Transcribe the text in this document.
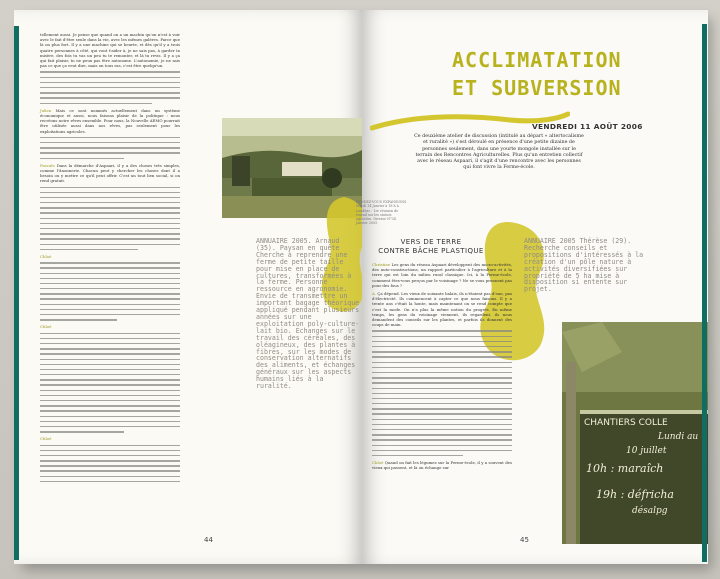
tellement aussi. Je pense que quand on a un machin qu'on n'est à voir avec le fait d'être seule dans la vie, avec les mêmes galères. Parce que là on plus fort. Il y a une machine qui se heurte, et dès qu'il y a trois quatre personnes à côté, qui vont t'aider à, je ne sais pas, à garder ta misère, des fois tu vas un peu tu te remonter, et là tu revis. Il y a ça qui fait plaisir, tu ne peux pas être autonome. L'autonomie, je ne sais pas ce que ça veut dire, mais on tous ras, c'est être quelqu'un.

Julien Mais ce sont nommés actuellement dans un système économique et aussi, nous faisons plaisir de la politique : nous recréons notre rêves ensemble. Pour nous, la Nouvelle AEMO pourrait être utilisée aussi dans nos rêves, pas seulement pour les exploitations agricoles.

Pascale Dans la démarche d'Aspaari, il y a des choses très simples, comme l'ânonnerie. Chacun peut y chercher les choses dont il a besoin ou y mettre ce qu'il peut offrir. C'est un tout lien social, si on rend gratuit.

Chloé

Chloé

Chloé

ANNUAIRE 2005. Arnaud (35). Paysan en quête Cherche à reprendre une ferme de petite taille pour mise en place de cultures, transformées à la ferme. Personne ressource en agronomie. Envie de transmettre un important bagage théorique appliqué pendant plusieurs années sur une exploitation poly-culture-lait bio. Échanges sur le travail des céréales, des oléagineux, des plantes à fibres, sur les modes de conservation alternatifs des aliments, et échanges généraux sur les aspects humains liés à la ruralité.
44
ACCLIMATATION
ET SUBVERSION
VENDREDI 11 AOÛT 2006
Ce deuxième atelier de discussion (intitulé au départ « altertocalisme et ruralité ») s'est déroulé en présence d'une petite dizaine de personnes seulement, dans une yourte mongole installée sur le terrain des Rencontres Agriculturelles. Plus qu'un entretien collectif avec le réseau Aspaari, il s'agit d'une rencontre avec les personnes qui font vivre la Ferme-école.
RENDEZ-VOUS EXPANSIONS Mardi 14 Janvier à 18 h à Loudéac : 1er réunion de travail sur les statuts agricoles. Diverse N°34 Janvier 2005
VERS DE TERRE
CONTRE BÂCHE PLASTIQUE
ANNUAIRE 2005 Thérèse (29). Recherche conseils et propositions d'intéressés à la création d'un pôle nature à activités diversifiées sur propriété de 5 ha mise à disposition si entente sur projet.

Christine Les gens du réseau Aspaari développent des micro-activités, des auto-constructions, un rapport particulier à l'agriculture et à la terre qui est loin du milieu rural classique. Ici, à la Ferme-école, comment êtes-vous perçus par le voisinage ? Ne se vous prennent pas pour des fous ?

A. Ça dépend. Les vieux de soixante balais, ils n'étaient pas d'eau, pas d'électricité. Ils commencent à capter ce que nous faisons. Il y a trente ans c'était la honte, mais maintenant on se rend compte que c'est la mode. On n'a plus la même notion du progrès. En même temps, les gens du voisinage viennent, ils regardent, ils nous demandent des conseils sur les plantes, et parfois ils donnent des coups de main.

Chloé Quand on fait les légumes sur la Ferme-école, il y a souvent des vieux qui passent, et là on échange sur

CHANTIERS COLLE
Lundi au
10 juillet
10h : maraîch
19h : défricha
désalpg
45
